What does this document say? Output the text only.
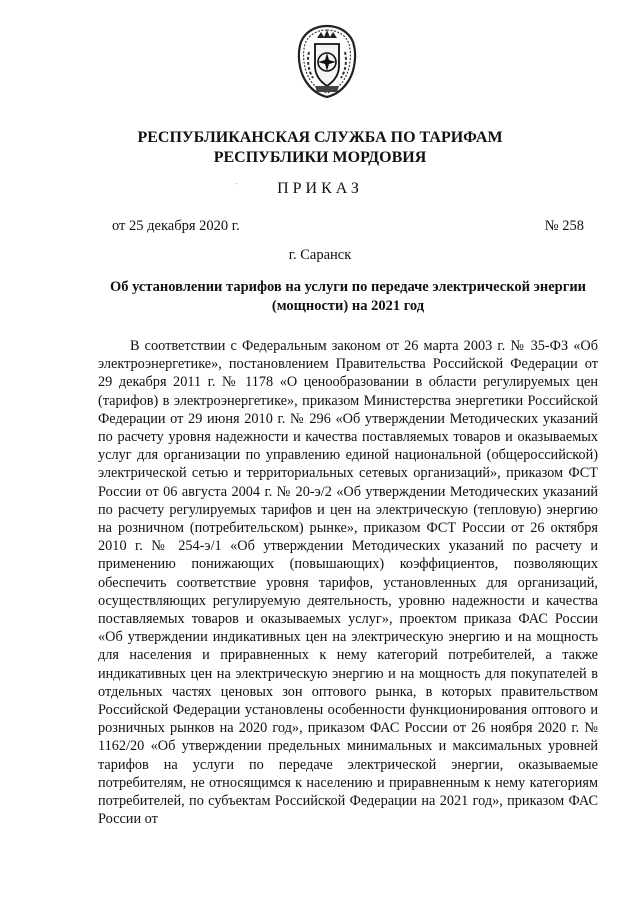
РЕСПУБЛИКАНСКАЯ СЛУЖБА ПО ТАРИФАМ
РЕСПУБЛИКИ МОРДОВИЯ
ПРИКАЗ
от 25 декабря 2020 г.	№ 258
г. Саранск
Об установлении тарифов на услуги по передаче электрической энергии (мощности) на 2021 год

В соответствии с Федеральным законом от 26 марта 2003 г. № 35-ФЗ «Об электроэнергетике», постановлением Правительства Российской Федерации от 29 декабря 2011 г. № 1178 «О ценообразовании в области регулируемых цен (тарифов) в электроэнергетике», приказом Министерства энергетики Российской Федерации от 29 июня 2010 г. № 296 «Об утверждении Методических указаний по расчету уровня надежности и качества поставляемых товаров и оказываемых услуг для организации по управлению единой национальной (общероссийской) электрической сетью и территориальных сетевых организаций», приказом ФСТ России от 06 августа 2004 г. № 20-э/2 «Об утверждении Методических указаний по расчету регулируемых тарифов и цен на электрическую (тепловую) энергию на розничном (потребительском) рынке», приказом ФСТ России от 26 октября 2010 г. № 254-э/1 «Об утверждении Методических указаний по расчету и применению понижающих (повышающих) коэффициентов, позволяющих обеспечить соответствие уровня тарифов, установленных для организаций, осуществляющих регулируемую деятельность, уровню надежности и качества поставляемых товаров и оказываемых услуг», проектом приказа ФАС России «Об утверждении индикативных цен на электрическую энергию и на мощность для населения и приравненных к нему категорий потребителей, а также индикативных цен на электрическую энергию и на мощность для покупателей в отдельных частях ценовых зон оптового рынка, в которых правительством Российской Федерации установлены особенности функционирования оптового и розничных рынков на 2020 год», приказом ФАС России от 26 ноября 2020 г. № 1162/20 «Об утверждении предельных минимальных и максимальных уровней тарифов на услуги по передаче электрической энергии, оказываемые потребителям, не относящимся к населению и приравненным к нему категориям потребителей, по субъектам Российской Федерации на 2021 год», приказом ФАС России от

ˊ
